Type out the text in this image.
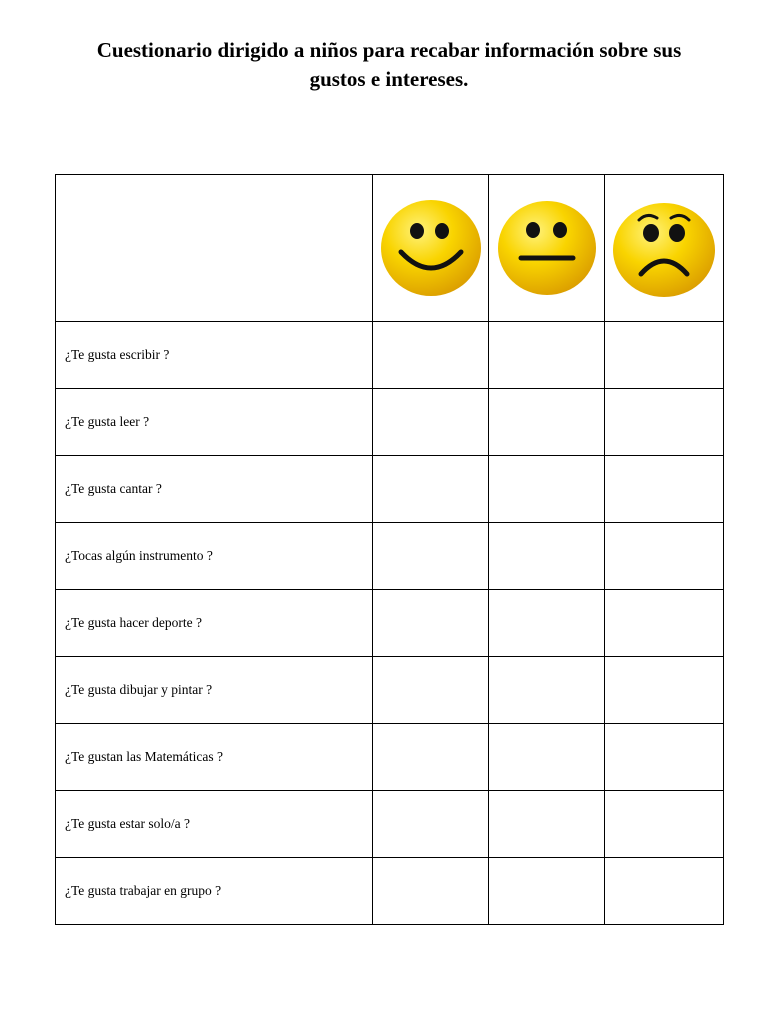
Cuestionario dirigido a niños para recabar información sobre sus
gustos e intereses.

¿Te gusta escribir ?			
¿Te gusta leer ?			
¿Te gusta cantar ?			
¿Tocas algún instrumento ?			
¿Te gusta hacer deporte ?			
¿Te gusta dibujar y pintar ?			
¿Te gustan las Matemáticas ?			
¿Te gusta estar solo/a ?			
¿Te gusta trabajar en grupo ?			
